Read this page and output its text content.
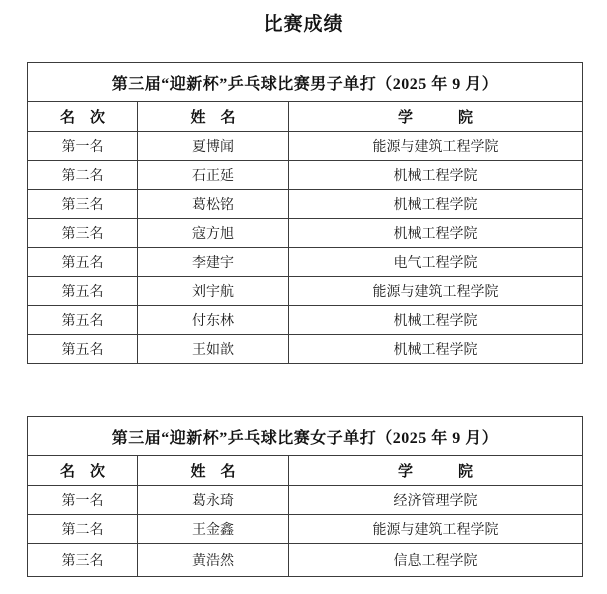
比赛成绩
第三届“迎新杯”乒乓球比赛男子单打（2025 年 9 月）		
名　次	姓　名	学　　　院
第一名	夏博闻	能源与建筑工程学院
第二名	石正延	机械工程学院
第三名	葛松铭	机械工程学院
第三名	寇方旭	机械工程学院
第五名	李建宇	电气工程学院
第五名	刘宇航	能源与建筑工程学院
第五名	付东林	机械工程学院
第五名	王如歆	机械工程学院
第三届“迎新杯”乒乓球比赛女子单打（2025 年 9 月）		
名　次	姓　名	学　　　院
第一名	葛永琦	经济管理学院
第二名	王金鑫	能源与建筑工程学院
第三名	黄浩然	信息工程学院
